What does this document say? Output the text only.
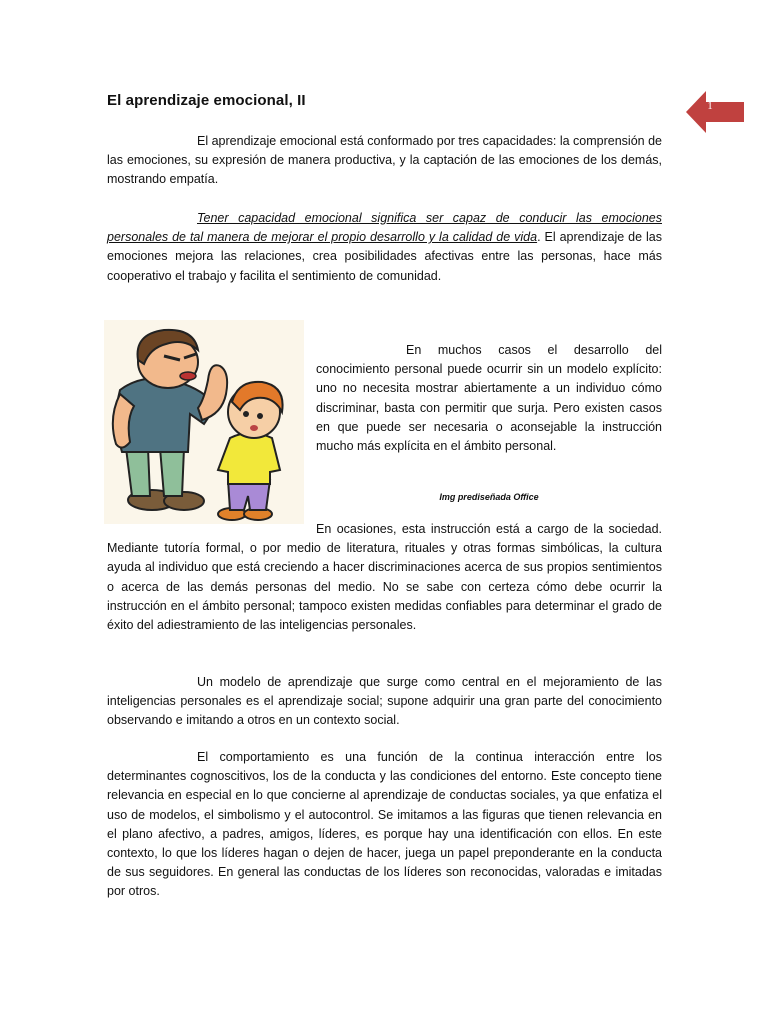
El aprendizaje emocional, II	1

El aprendizaje emocional está conformado por tres capacidades: la comprensión de las emociones, su expresión de manera productiva, y la captación de las emociones de los demás, mostrando empatía.

Tener capacidad emocional significa ser capaz de conducir las emociones personales de tal manera de mejorar el propio desarrollo y la calidad de vida. El aprendizaje de las emociones mejora las relaciones, crea posibilidades afectivas entre las personas, hace más cooperativo el trabajo y facilita el sentimiento de comunidad.

En muchos casos el desarrollo del conocimiento personal puede ocurrir sin un modelo explícito: uno no necesita mostrar abiertamente a un individuo cómo discriminar, basta con permitir que surja. Pero existen casos en que puede ser necesaria o aconsejable la instrucción mucho más explícita en el ámbito personal.

Img prediseñada Office

En ocasiones, esta instrucción está a cargo de la sociedad. Mediante tutoría formal, o por medio de literatura, rituales y otras formas simbólicas, la cultura ayuda al individuo que está creciendo a hacer discriminaciones acerca de sus propios sentimientos o acerca de las demás personas del medio. No se sabe con certeza cómo debe ocurrir la instrucción en el ámbito personal; tampoco existen medidas confiables para determinar el grado de éxito del adiestramiento de las inteligencias personales.

Un modelo de aprendizaje que surge como central en el mejoramiento de las inteligencias personales es el aprendizaje social; supone adquirir una gran parte del conocimiento observando e imitando a otros en un contexto social.

El comportamiento es una función de la continua interacción entre los determinantes cognoscitivos, los de la conducta y las condiciones del entorno. Este concepto tiene relevancia en especial en lo que concierne al aprendizaje de conductas sociales, ya que enfatiza el uso de modelos, el simbolismo y el autocontrol. Se imitamos a las figuras que tienen relevancia en el plano afectivo, a padres, amigos, líderes, es porque hay una identificación con ellos. En este contexto, lo que los líderes hagan o dejen de hacer, juega un papel preponderante en la conducta de sus seguidores. En general las conductas de los líderes son reconocidas, valoradas e imitadas por otros.
